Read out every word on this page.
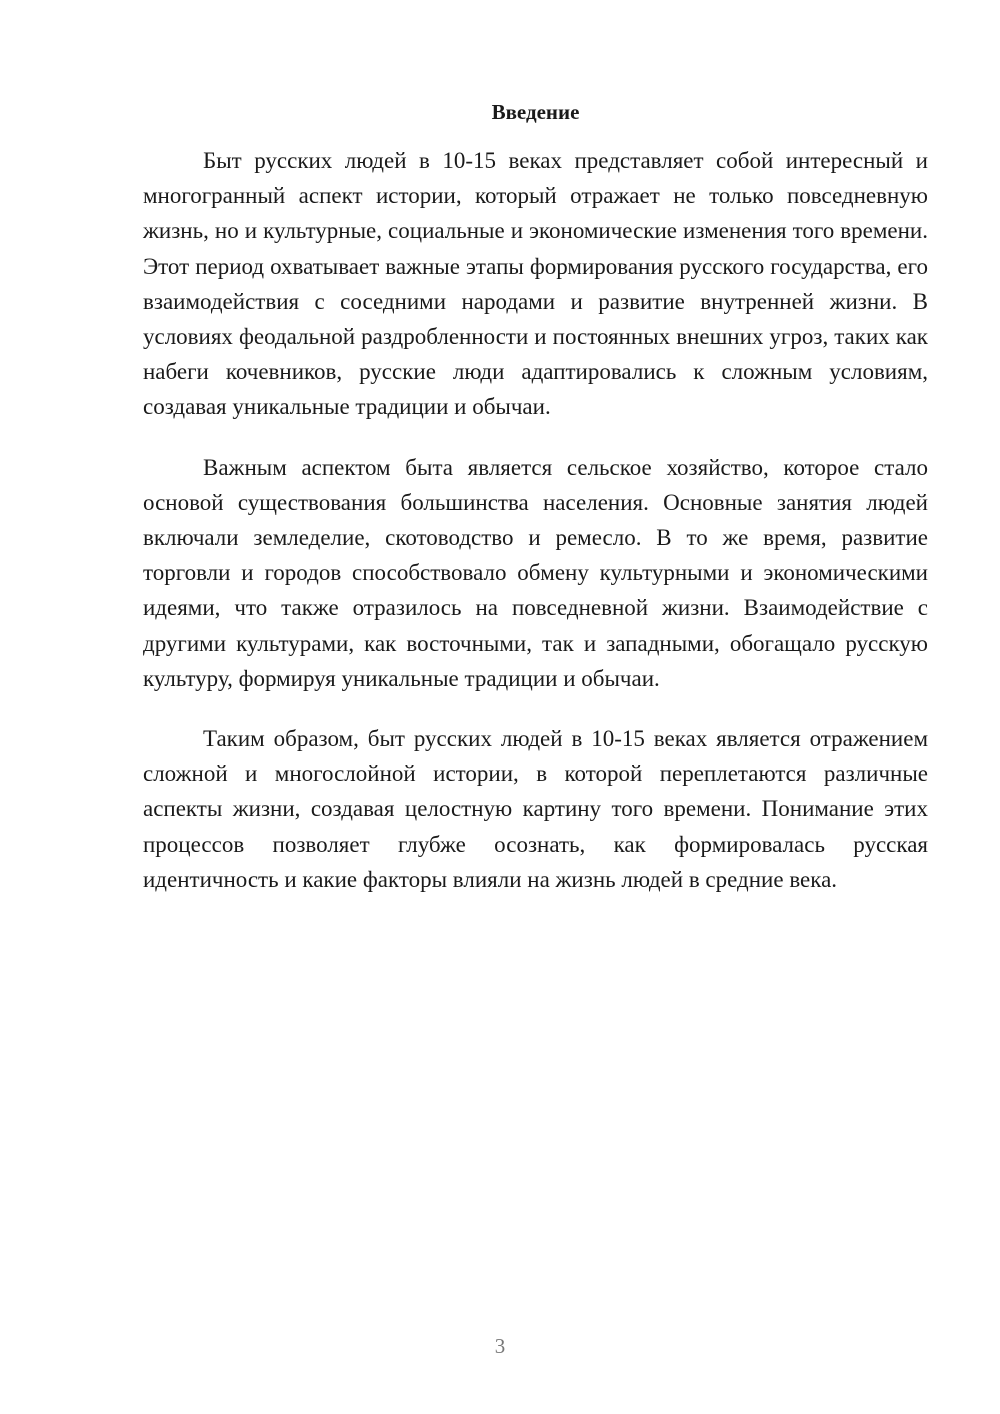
Введение

Быт русских людей в 10-15 веках представляет собой интересный и многогранный аспект истории, который отражает не только повседневную жизнь, но и культурные, социальные и экономические изменения того времени. Этот период охватывает важные этапы формирования русского государства, его взаимодействия с соседними народами и развитие внутренней жизни. В условиях феодальной раздробленности и постоянных внешних угроз, таких как набеги кочевников, русские люди адаптировались к сложным условиям, создавая уникальные традиции и обычаи.

Важным аспектом быта является сельское хозяйство, которое стало основой существования большинства населения. Основные занятия людей включали земледелие, скотоводство и ремесло. В то же время, развитие торговли и городов способствовало обмену культурными и экономическими идеями, что также отразилось на повседневной жизни. Взаимодействие с другими культурами, как восточными, так и западными, обогащало русскую культуру, формируя уникальные традиции и обычаи.

Таким образом, быт русских людей в 10-15 веках является отражением сложной и многослойной истории, в которой переплетаются различные аспекты жизни, создавая целостную картину того времени. Понимание этих процессов позволяет глубже осознать, как формировалась русская идентичность и какие факторы влияли на жизнь людей в средние века.

3
